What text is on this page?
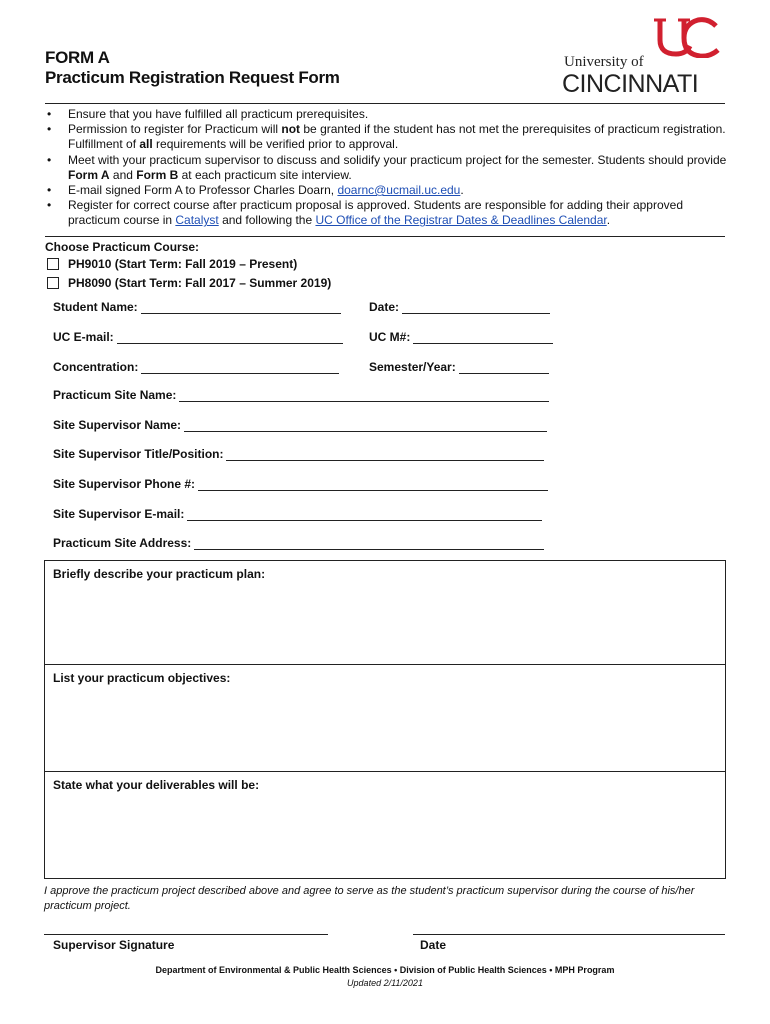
FORM A
Practicum Registration Request Form
University of
CINCINNATI
• Ensure that you have fulfilled all practicum prerequisites.
• Permission to register for Practicum will not be granted if the student has not met the prerequisites of practicum registration. Fulfillment of all requirements will be verified prior to approval.
• Meet with your practicum supervisor to discuss and solidify your practicum project for the semester. Students should provide Form A and Form B at each practicum site interview.
• E-mail signed Form A to Professor Charles Doarn, doarnc@ucmail.uc.edu.
• Register for correct course after practicum proposal is approved. Students are responsible for adding their approved practicum course in Catalyst and following the UC Office of the Registrar Dates & Deadlines Calendar.
Choose Practicum Course:
PH9010 (Start Term: Fall 2019 – Present)
PH8090 (Start Term: Fall 2017 – Summer 2019)
Student Name:	Date:
UC E-mail:	UC M#:
Concentration:	Semester/Year:
Practicum Site Name:
Site Supervisor Name:
Site Supervisor Title/Position:
Site Supervisor Phone #:
Site Supervisor E-mail:
Practicum Site Address:
Briefly describe your practicum plan:
List your practicum objectives:
State what your deliverables will be:
I approve the practicum project described above and agree to serve as the student’s practicum supervisor during the course of his/her practicum project.
Supervisor Signature	Date
Department of Environmental & Public Health Sciences • Division of Public Health Sciences • MPH Program
Updated 2/11/2021
